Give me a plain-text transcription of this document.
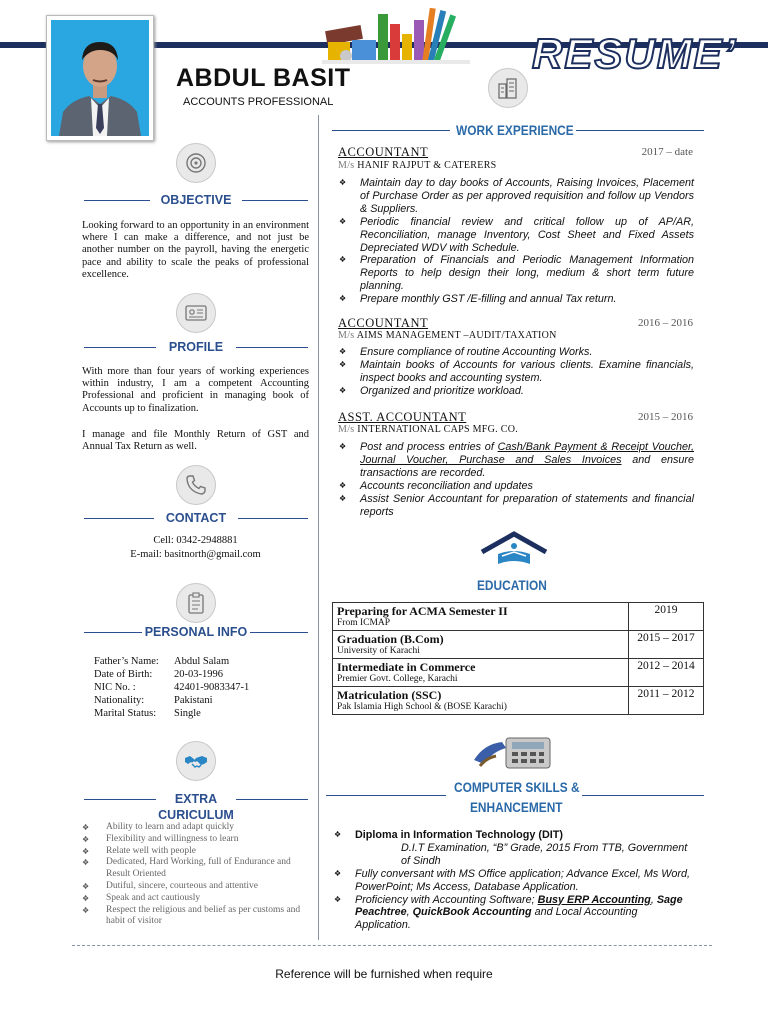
ABDUL BASIT
ACCOUNTS PROFESSIONAL
RESUME’
OBJECTIVE
Looking forward to an opportunity in an environment where I can make a difference, and not just be another number on the payroll, having the energetic pace and ability to scale the peaks of professional excellence.
PROFILE
With more than four years of working experiences within industry, I am a competent Accounting Professional and proficient in managing book of Accounts up to finalization.
I manage and file Monthly Return of GST and Annual Tax Return as well.
CONTACT
Cell: 0342-2948881
E-mail: basitnorth@gmail.com
PERSONAL INFO
Father’s Name: Abdul Salam
Date of Birth: 20-03-1996
NIC No. :	42401-9083347-1
Nationality:	Pakistani
Marital Status: Single
EXTRA
CURICULUM
❖ Ability to learn and adapt quickly
❖ Flexibility and willingness to learn
❖ Relate well with people
❖ Dedicated, Hard Working, full of Endurance and Result Oriented
❖ Dutiful, sincere, courteous and attentive
❖ Speak and act cautiously
❖ Respect the religious and belief as per customs and habit of visitor
WORK EXPERIENCE
ACCOUNTANT	2017 – date
M/s HANIF RAJPUT & CATERERS
❖ Maintain day to day books of Accounts, Raising Invoices, Placement of Purchase Order as per approved requisition and follow up Vendors & Suppliers.
❖ Periodic financial review and critical follow up of AP/AR, Reconciliation, manage Inventory, Cost Sheet and Fixed Assets Depreciated WDV with Schedule.
❖ Preparation of Financials and Periodic Management Information Reports to help design their long, medium & short term future planning.
❖ Prepare monthly GST /E-filling and annual Tax return.
ACCOUNTANT	2016 – 2016
M/s AIMS MANAGEMENT –AUDIT/TAXATION
❖ Ensure compliance of routine Accounting Works.
❖ Maintain books of Accounts for various clients. Examine financials, inspect books and accounting system.
❖ Organized and prioritize workload.
ASST. ACCOUNTANT	2015 – 2016
M/s INTERNATIONAL CAPS MFG. CO.
❖ Post and process entries of Cash/Bank Payment & Receipt Voucher, Journal Voucher, Purchase and Sales Invoices and ensure transactions are recorded.
❖ Accounts reconciliation and updates
❖ Assist Senior Accountant for preparation of statements and financial reports
EDUCATION
Preparing for ACMA Semester II
From ICMAP	2019

Graduation (B.Com)
University of Karachi	2015 – 2017

Intermediate in Commerce
Premier Govt. College, Karachi	2012 – 2014

Matriculation (SSC)
Pak Islamia High School & (BOSE Karachi)	2011 – 2012
COMPUTER SKILLS &
ENHANCEMENT
❖ Diploma in Information Technology (DIT)
D.I.T Examination, “B” Grade, 2015 From TTB, Government of Sindh
❖ Fully conversant with MS Office application; Advance Excel, Ms Word, PowerPoint; Ms Access, Database Application.
❖ Proficiency with Accounting Software; Busy ERP Accounting, Sage Peachtree, QuickBook Accounting and Local Accounting Application.
Reference will be furnished when require
